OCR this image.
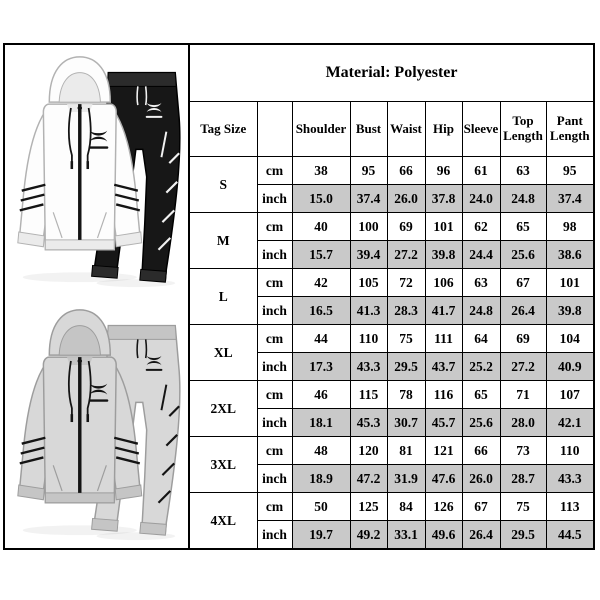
Material: Polyester								
Tag Size		Shoulder	Bust	Waist	Hip	Sleeve	Top Length	Pant Length
S	cm	38	95	66	96	61	63	95
	inch	15.0	37.4	26.0	37.8	24.0	24.8	37.4
M	cm	40	100	69	101	62	65	98
	inch	15.7	39.4	27.2	39.8	24.4	25.6	38.6
L	cm	42	105	72	106	63	67	101
	inch	16.5	41.3	28.3	41.7	24.8	26.4	39.8
XL	cm	44	110	75	111	64	69	104
	inch	17.3	43.3	29.5	43.7	25.2	27.2	40.9
2XL	cm	46	115	78	116	65	71	107
	inch	18.1	45.3	30.7	45.7	25.6	28.0	42.1
3XL	cm	48	120	81	121	66	73	110
	inch	18.9	47.2	31.9	47.6	26.0	28.7	43.3
4XL	cm	50	125	84	126	67	75	113
	inch	19.7	49.2	33.1	49.6	26.4	29.5	44.5
